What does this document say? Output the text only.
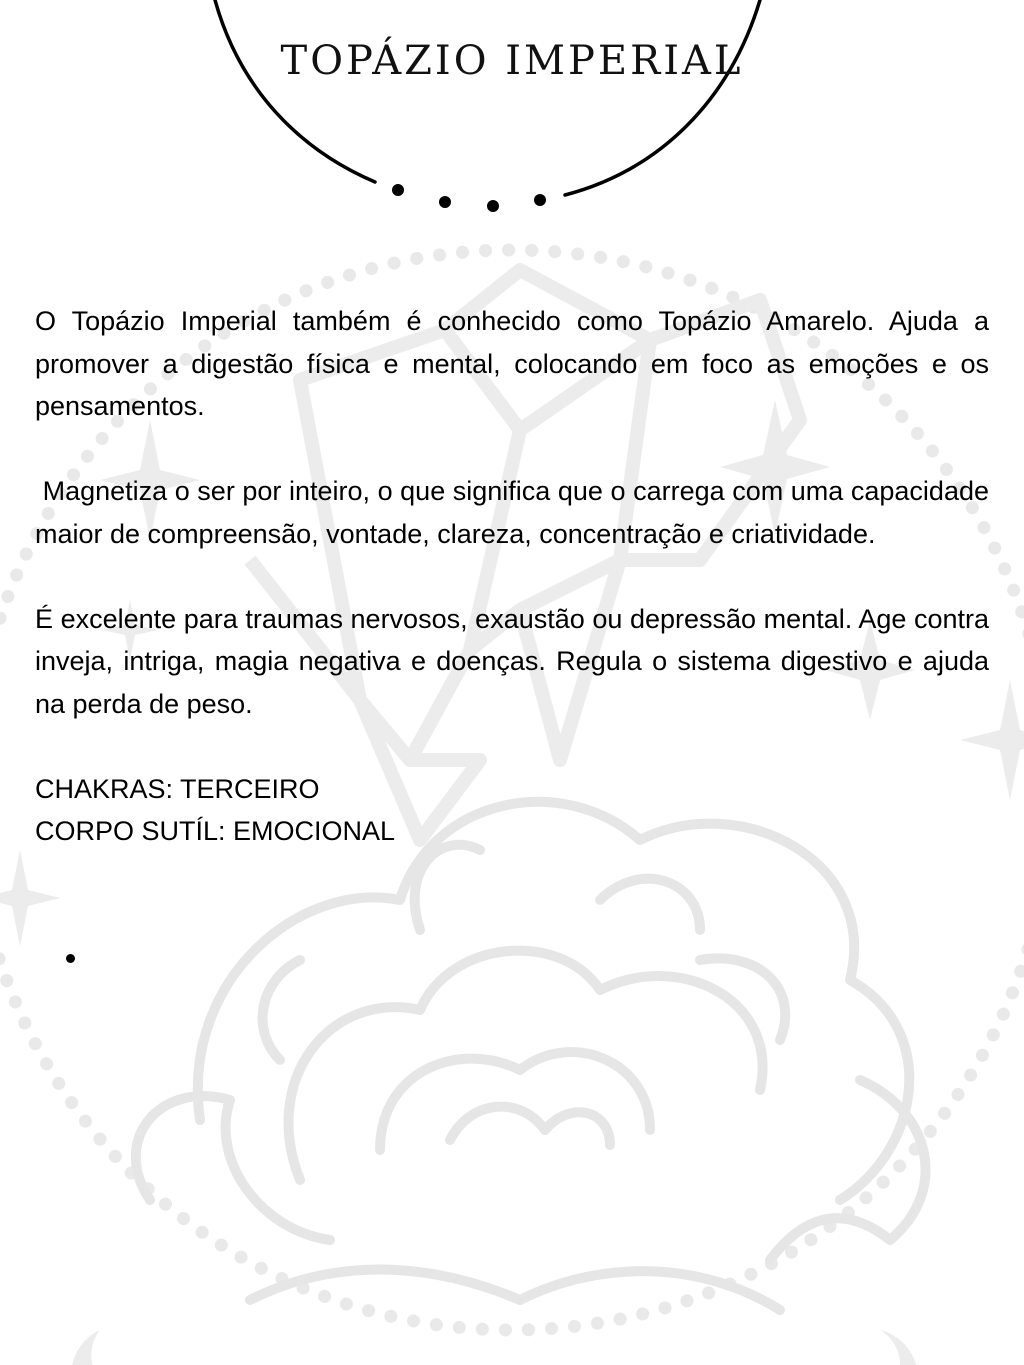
TOPÁZIO IMPERIAL

O Topázio Imperial também é conhecido como Topázio Amarelo. Ajuda a promover a digestão física e mental, colocando em foco as emoções e os pensamentos.

Magnetiza o ser por inteiro, o que significa que o carrega com uma capacidade maior de compreensão, vontade, clareza, concentração e criatividade.

É excelente para traumas nervosos, exaustão ou depressão mental. Age contra inveja, intriga, magia negativa e doenças. Regula o sistema digestivo e ajuda na perda de peso.

CHAKRAS: TERCEIRO

CORPO SUTÍL: EMOCIONAL
